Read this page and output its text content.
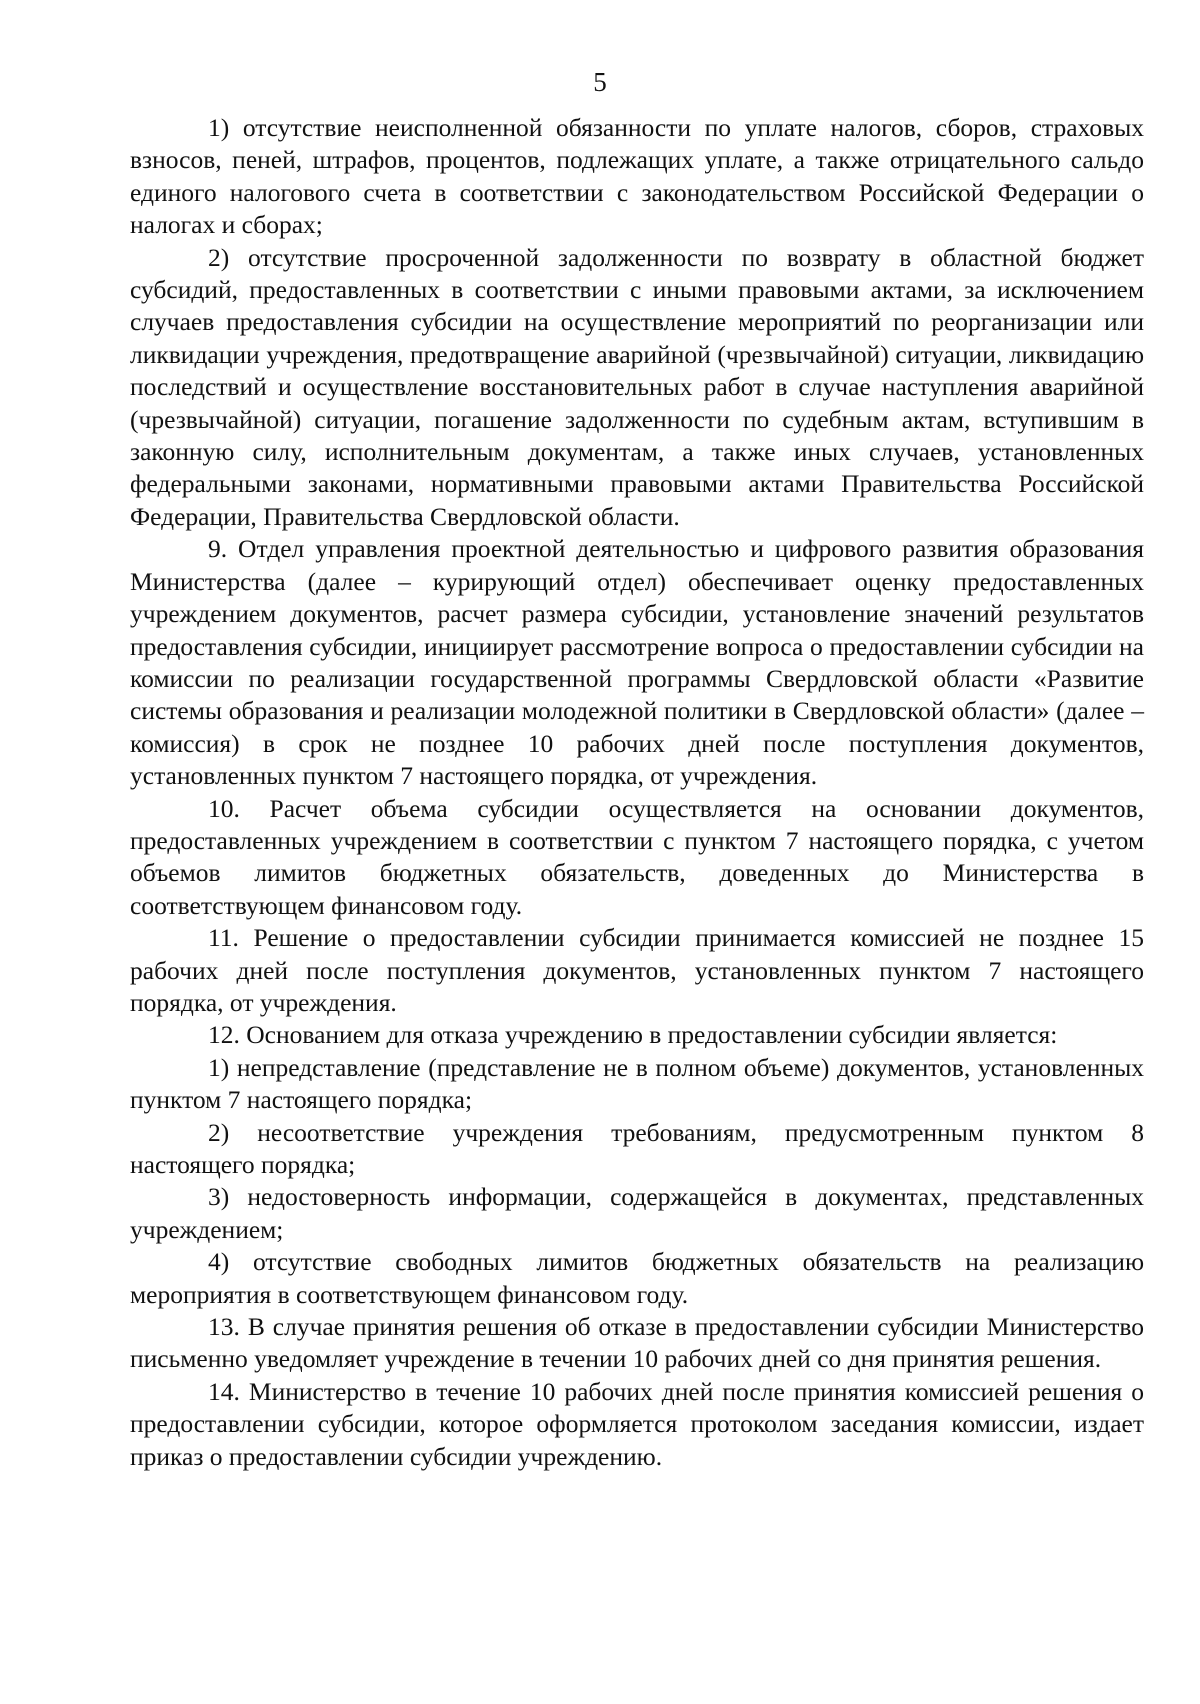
5

1) отсутствие неисполненной обязанности по уплате налогов, сборов, страховых взносов, пеней, штрафов, процентов, подлежащих уплате, а также отрицательного сальдо единого налогового счета в соответствии с законодательством Российской Федерации о налогах и сборах;

2) отсутствие просроченной задолженности по возврату в областной бюджет субсидий, предоставленных в соответствии с иными правовыми актами, за исключением случаев предоставления субсидии на осуществление мероприятий по реорганизации или ликвидации учреждения, предотвращение аварийной (чрезвычайной) ситуации, ликвидацию последствий и осуществление восстановительных работ в случае наступления аварийной (чрезвычайной) ситуации, погашение задолженности по судебным актам, вступившим в законную силу, исполнительным документам, а также иных случаев, установленных федеральными законами, нормативными правовыми актами Правительства Российской Федерации, Правительства Свердловской области.

9. Отдел управления проектной деятельностью и цифрового развития образования Министерства (далее – курирующий отдел) обеспечивает оценку предоставленных учреждением документов, расчет размера субсидии, установление значений результатов предоставления субсидии, инициирует рассмотрение вопроса о предоставлении субсидии на комиссии по реализации государственной программы Свердловской области «Развитие системы образования и реализации молодежной политики в Свердловской области» (далее – комиссия) в срок не позднее 10 рабочих дней после поступления документов, установленных пунктом 7 настоящего порядка, от учреждения.

10. Расчет объема субсидии осуществляется на основании документов, предоставленных учреждением в соответствии с пунктом 7 настоящего порядка, с учетом объемов лимитов бюджетных обязательств, доведенных до Министерства в соответствующем финансовом году.

11. Решение о предоставлении субсидии принимается комиссией не позднее 15 рабочих дней после поступления документов, установленных пунктом 7 настоящего порядка, от учреждения.

12. Основанием для отказа учреждению в предоставлении субсидии является:

1) непредставление (представление не в полном объеме) документов, установленных пунктом 7 настоящего порядка;

2) несоответствие учреждения требованиям, предусмотренным пунктом 8 настоящего порядка;

3) недостоверность информации, содержащейся в документах, представленных учреждением;

4) отсутствие свободных лимитов бюджетных обязательств на реализацию мероприятия в соответствующем финансовом году.

13. В случае принятия решения об отказе в предоставлении субсидии Министерство письменно уведомляет учреждение в течении 10 рабочих дней со дня принятия решения.

14. Министерство в течение 10 рабочих дней после принятия комиссией решения о предоставлении субсидии, которое оформляется протоколом заседания комиссии, издает приказ о предоставлении субсидии учреждению.
